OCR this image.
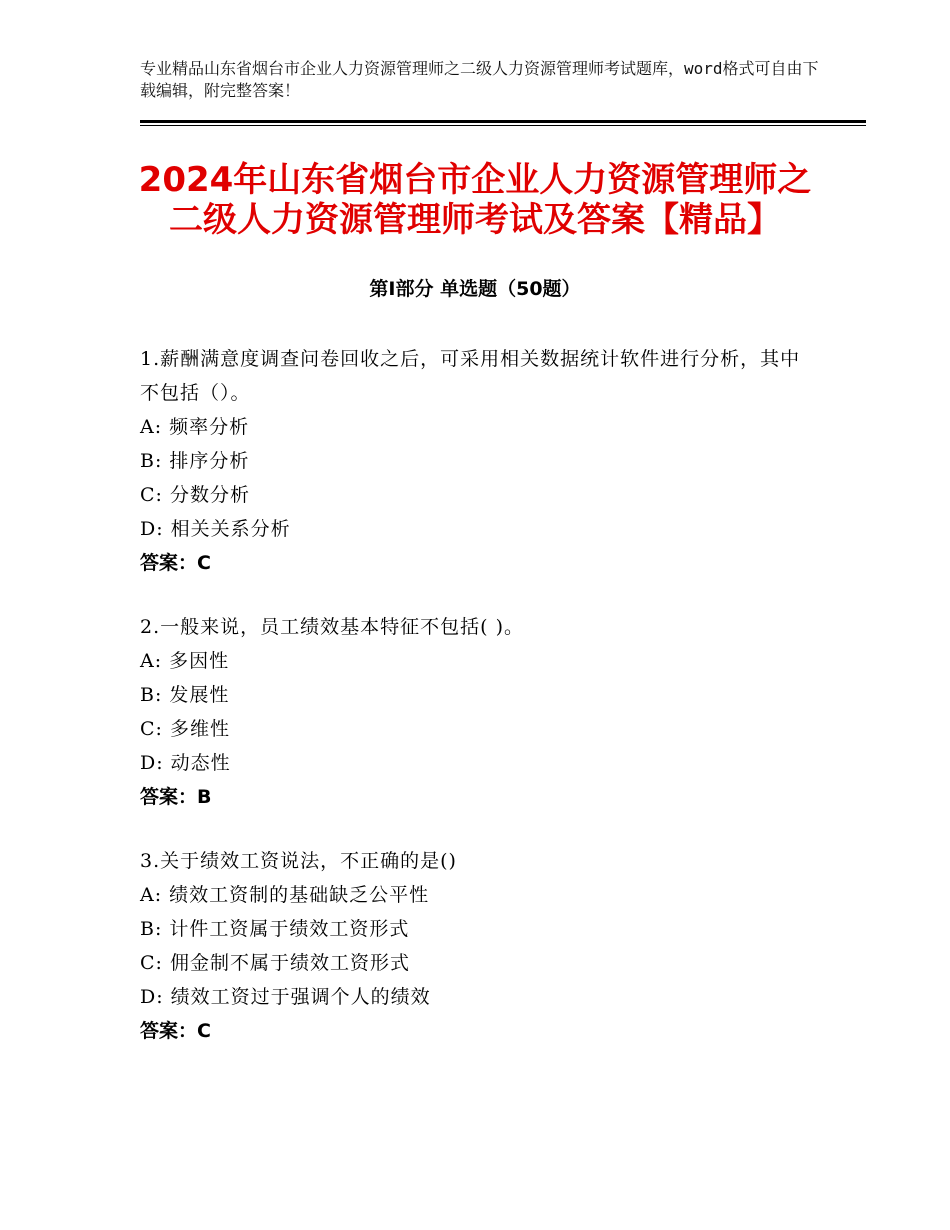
专业精品山东省烟台市企业人力资源管理师之二级人力资源管理师考试题库，word格式可自由下载编辑，附完整答案！
2024年山东省烟台市企业人力资源管理师之
二级人力资源管理师考试及答案【精品】
第I部分 单选题（50题）
1.薪酬满意度调查问卷回收之后，可采用相关数据统计软件进行分析，其中不包括（）。
A: 频率分析
B: 排序分析
C: 分数分析
D: 相关关系分析
答案：C
2.一般来说，员工绩效基本特征不包括( )。
A: 多因性
B: 发展性
C: 多维性
D: 动态性
答案：B
3.关于绩效工资说法，不正确的是()
A: 绩效工资制的基础缺乏公平性
B: 计件工资属于绩效工资形式
C: 佣金制不属于绩效工资形式
D: 绩效工资过于强调个人的绩效
答案：C
